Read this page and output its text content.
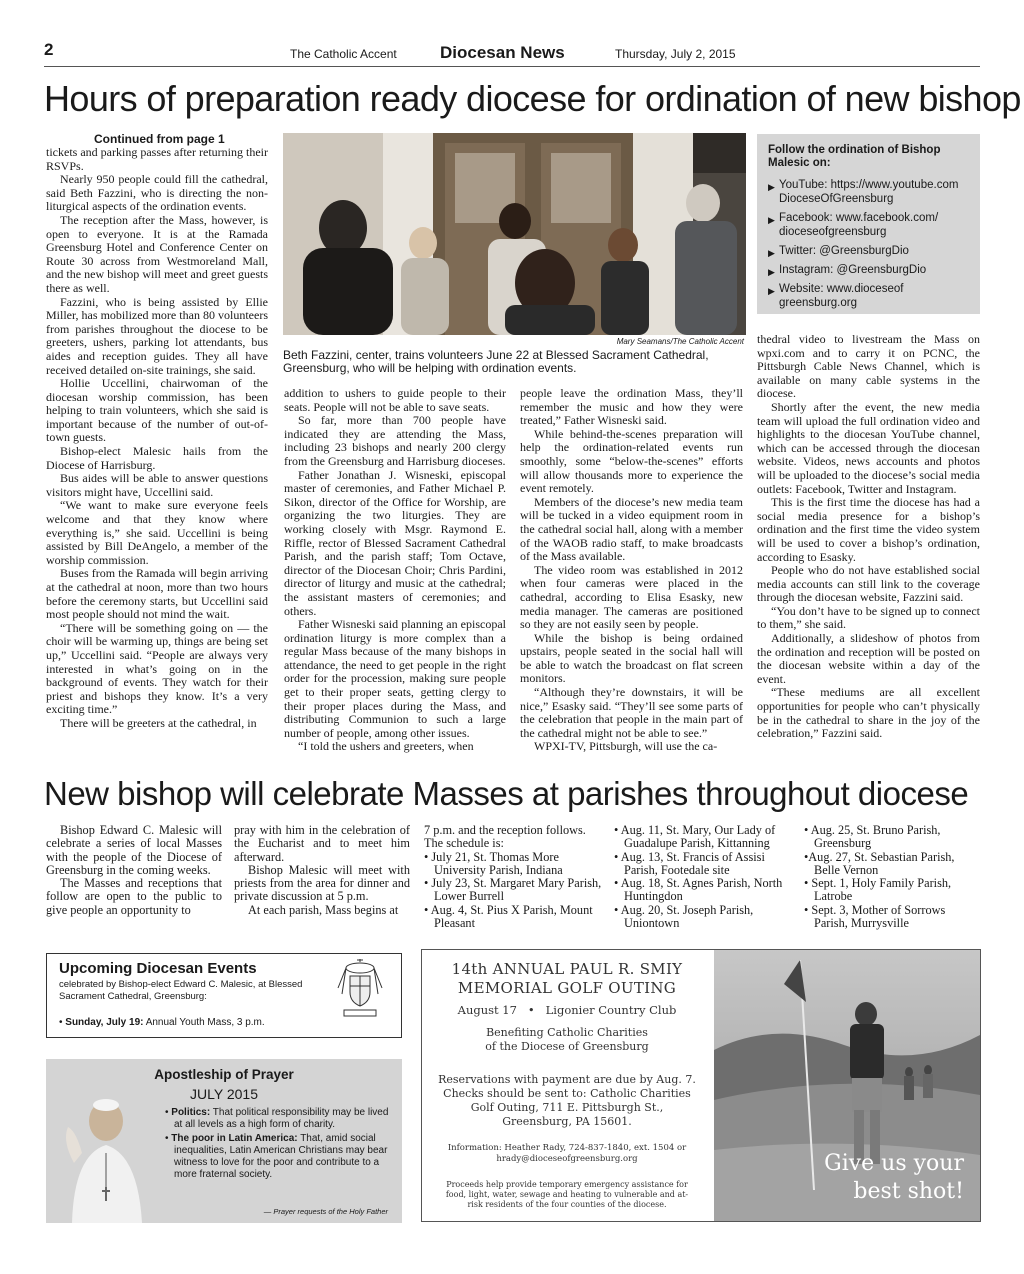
2	The Catholic Accent	Diocesan News	Thursday, July 2, 2015
Hours of preparation ready diocese for ordination of new bishop
Continued from page 1

tickets and parking passes after returning their RSVPs.

Nearly 950 people could fill the cathedral, said Beth Fazzini, who is directing the non-liturgical aspects of the ordination events.

The reception after the Mass, however, is open to everyone. It is at the Ramada Greensburg Hotel and Conference Center on Route 30 across from Westmoreland Mall, and the new bishop will meet and greet guests there as well.

Fazzini, who is being assisted by Ellie Miller, has mobilized more than 80 volunteers from parishes throughout the diocese to be greeters, ushers, parking lot attendants, bus aides and reception guides. They all have received detailed on-site trainings, she said.

Hollie Uccellini, chairwoman of the diocesan worship commission, has been helping to train volunteers, which she said is important because of the number of out-of-town guests.

Bishop-elect Malesic hails from the Diocese of Harrisburg.

Bus aides will be able to answer questions visitors might have, Uccellini said.

“We want to make sure everyone feels welcome and that they know where everything is,” she said. Uccellini is being assisted by Bill DeAngelo, a member of the worship commission.

Buses from the Ramada will begin arriving at the cathedral at noon, more than two hours before the ceremony starts, but Uccellini said most people should not mind the wait.

“There will be something going on — the choir will be warming up, things are being set up,” Uccellini said. “People are always very interested in what’s going on in the background of events. They watch for their priest and bishops they know. It’s a very exciting time.”

There will be greeters at the cathedral, in

addition to ushers to guide people to their seats. People will not be able to save seats.

So far, more than 700 people have indicated they are attending the Mass, including 23 bishops and nearly 200 clergy from the Greensburg and Harrisburg dioceses.

Father Jonathan J. Wisneski, episcopal master of ceremonies, and Father Michael P. Sikon, director of the Office for Worship, are organizing the two liturgies. They are working closely with Msgr. Raymond E. Riffle, rector of Blessed Sacrament Cathedral Parish, and the parish staff; Tom Octave, director of the Diocesan Choir; Chris Pardini, director of liturgy and music at the cathedral; the assistant masters of ceremonies; and others.

Father Wisneski said planning an episcopal ordination liturgy is more complex than a regular Mass because of the many bishops in attendance, the need to get people in the right order for the procession, making sure people get to their proper seats, getting clergy to their proper places during the Mass, and distributing Communion to such a large number of people, among other issues.

“I told the ushers and greeters, when

people leave the ordination Mass, they’ll remember the music and how they were treated,” Father Wisneski said.

While behind-the-scenes preparation will help the ordination-related events run smoothly, some “below-the-scenes” efforts will allow thousands more to experience the event remotely.

Members of the diocese’s new media team will be tucked in a video equipment room in the cathedral social hall, along with a member of the WAOB radio staff, to make broadcasts of the Mass available.

The video room was established in 2012 when four cameras were placed in the cathedral, according to Elisa Esasky, new media manager. The cameras are positioned so they are not easily seen by people.

While the bishop is being ordained upstairs, people seated in the social hall will be able to watch the broadcast on flat screen monitors.

“Although they’re downstairs, it will be nice,” Esasky said. “They’ll see some parts of the celebration that people in the main part of the cathedral might not be able to see.”

WPXI-TV, Pittsburgh, will use the ca-

thedral video to livestream the Mass on wpxi.com and to carry it on PCNC, the Pittsburgh Cable News Channel, which is available on many cable systems in the diocese.

Shortly after the event, the new media team will upload the full ordination video and highlights to the diocesan YouTube channel, which can be accessed through the diocesan website. Videos, news accounts and photos will be uploaded to the diocese’s social media outlets: Facebook, Twitter and Instagram.

This is the first time the diocese has had a social media presence for a bishop’s ordination and the first time the video system will be used to cover a bishop’s ordination, according to Esasky.

People who do not have established social media accounts can still link to the coverage through the diocesan website, Fazzini said.

“You don’t have to be signed up to connect to them,” she said.

Additionally, a slideshow of photos from the ordination and reception will be posted on the diocesan website within a day of the event.

“These mediums are all excellent opportunities for people who can’t physically be in the cathedral to share in the joy of the celebration,” Fazzini said.

Mary Seamans/The Catholic Accent
Beth Fazzini, center, trains volunteers June 22 at Blessed Sacrament Cathedral, Greensburg, who will be helping with ordination events.
Follow the ordination of Bishop Malesic on:
▶ YouTube: https://www.youtube.com DioceseOfGreensburg
▶ Facebook: www.facebook.com/ dioceseofgreensburg
▶ Twitter: @GreensburgDio
▶ Instagram: @GreensburgDio
▶ Website: www.dioceseof greensburg.org
New bishop will celebrate Masses at parishes throughout diocese

Bishop Edward C. Malesic will celebrate a series of local Masses with the people of the Diocese of Greensburg in the coming weeks.

The Masses and receptions that follow are open to the public to give people an opportunity to

pray with him in the celebration of the Eucharist and to meet him afterward.

Bishop Malesic will meet with priests from the area for dinner and private discussion at 5 p.m.

At each parish, Mass begins at

7 p.m. and the reception follows. The schedule is:

• July 21, St. Thomas More University Parish, Indiana
• July 23, St. Margaret Mary Parish, Lower Burrell
• Aug. 4, St. Pius X Parish, Mount Pleasant
• Aug. 11, St. Mary, Our Lady of Guadalupe Parish, Kittanning
• Aug. 13, St. Francis of Assisi Parish, Footedale site
• Aug. 18, St. Agnes Parish, North Huntingdon
• Aug. 20, St. Joseph Parish, Uniontown
• Aug. 25, St. Bruno Parish, Greensburg
•Aug. 27, St. Sebastian Parish, Belle Vernon
• Sept. 1, Holy Family Parish, Latrobe
• Sept. 3, Mother of Sorrows Parish, Murrysville
Upcoming Diocesan Events
celebrated by Bishop-elect Edward C. Malesic, at Blessed Sacrament Cathedral, Greensburg:
• Sunday, July 19: Annual Youth Mass, 3 p.m.
Apostleship of Prayer
JULY 2015
• Politics: That political responsibility may be lived at all levels as a high form of charity.
• The poor in Latin America: That, amid social inequalities, Latin American Christians may bear witness to love for the poor and contribute to a more fraternal society.
— Prayer requests of the Holy Father
14th ANNUAL PAUL R. SMIY
MEMORIAL GOLF OUTING
August 17   •   Ligonier Country Club
Benefiting Catholic Charities
of the Diocese of Greensburg
Reservations with payment are due by Aug. 7.
Checks should be sent to: Catholic Charities
Golf Outing, 711 E. Pittsburgh St.,
Greensburg, PA 15601.
Information: Heather Rady, 724-837-1840, ext. 1504 or
hrady@dioceseofgreensburg.org
Proceeds help provide temporary emergency assistance for food, light, water, sewage and heating to vulnerable and at-risk residents of the four counties of the diocese.
Give us your
best shot!
